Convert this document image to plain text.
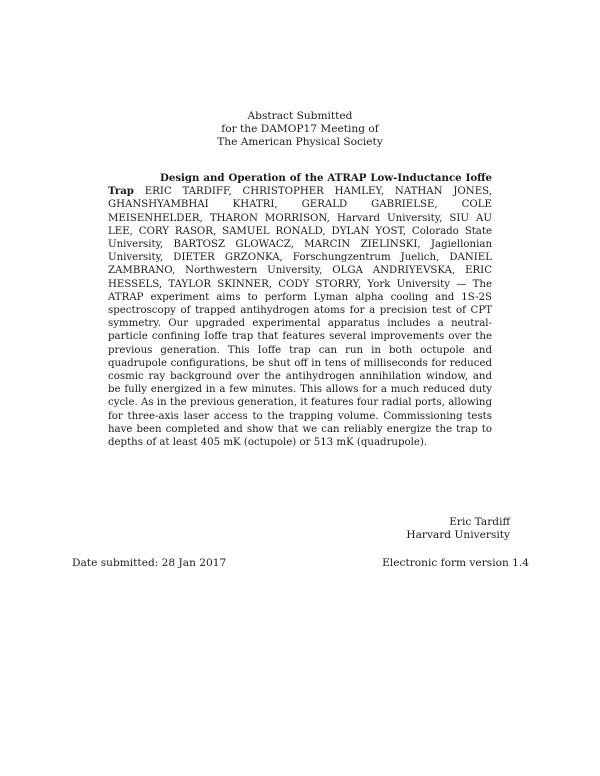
Abstract Submitted
for the DAMOP17 Meeting of
The American Physical Society
Design and Operation of the ATRAP Low-Inductance Ioffe Trap ERIC TARDIFF, CHRISTOPHER HAMLEY, NATHAN JONES, GHANSHYAMBHAI KHATRI, GERALD GABRIELSE, COLE MEISENHELDER, THARON MORRISON, Harvard University, SIU AU LEE, CORY RASOR, SAMUEL RONALD, DYLAN YOST, Colorado State University, BARTOSZ GLOWACZ, MARCIN ZIELINSKI, Jagiellonian University, DIETER GRZONKA, Forschungzentrum Juelich, DANIEL ZAMBRANO, Northwestern University, OLGA ANDRIYEVSKA, ERIC HESSELS, TAYLOR SKINNER, CODY STORRY, York University — The ATRAP experiment aims to perform Lyman alpha cooling and 1S-2S spectroscopy of trapped antihydrogen atoms for a precision test of CPT symmetry. Our upgraded experimental apparatus includes a neutral-particle confining Ioffe trap that features several improvements over the previous generation. This Ioffe trap can run in both octupole and quadrupole configurations, be shut off in tens of milliseconds for reduced cosmic ray background over the antihydrogen annihilation window, and be fully energized in a few minutes. This allows for a much reduced duty cycle. As in the previous generation, it features four radial ports, allowing for three-axis laser access to the trapping volume. Commissioning tests have been completed and show that we can reliably energize the trap to depths of at least 405 mK (octupole) or 513 mK (quadrupole).
Eric Tardiff
Harvard University
Date submitted: 28 Jan 2017	Electronic form version 1.4
